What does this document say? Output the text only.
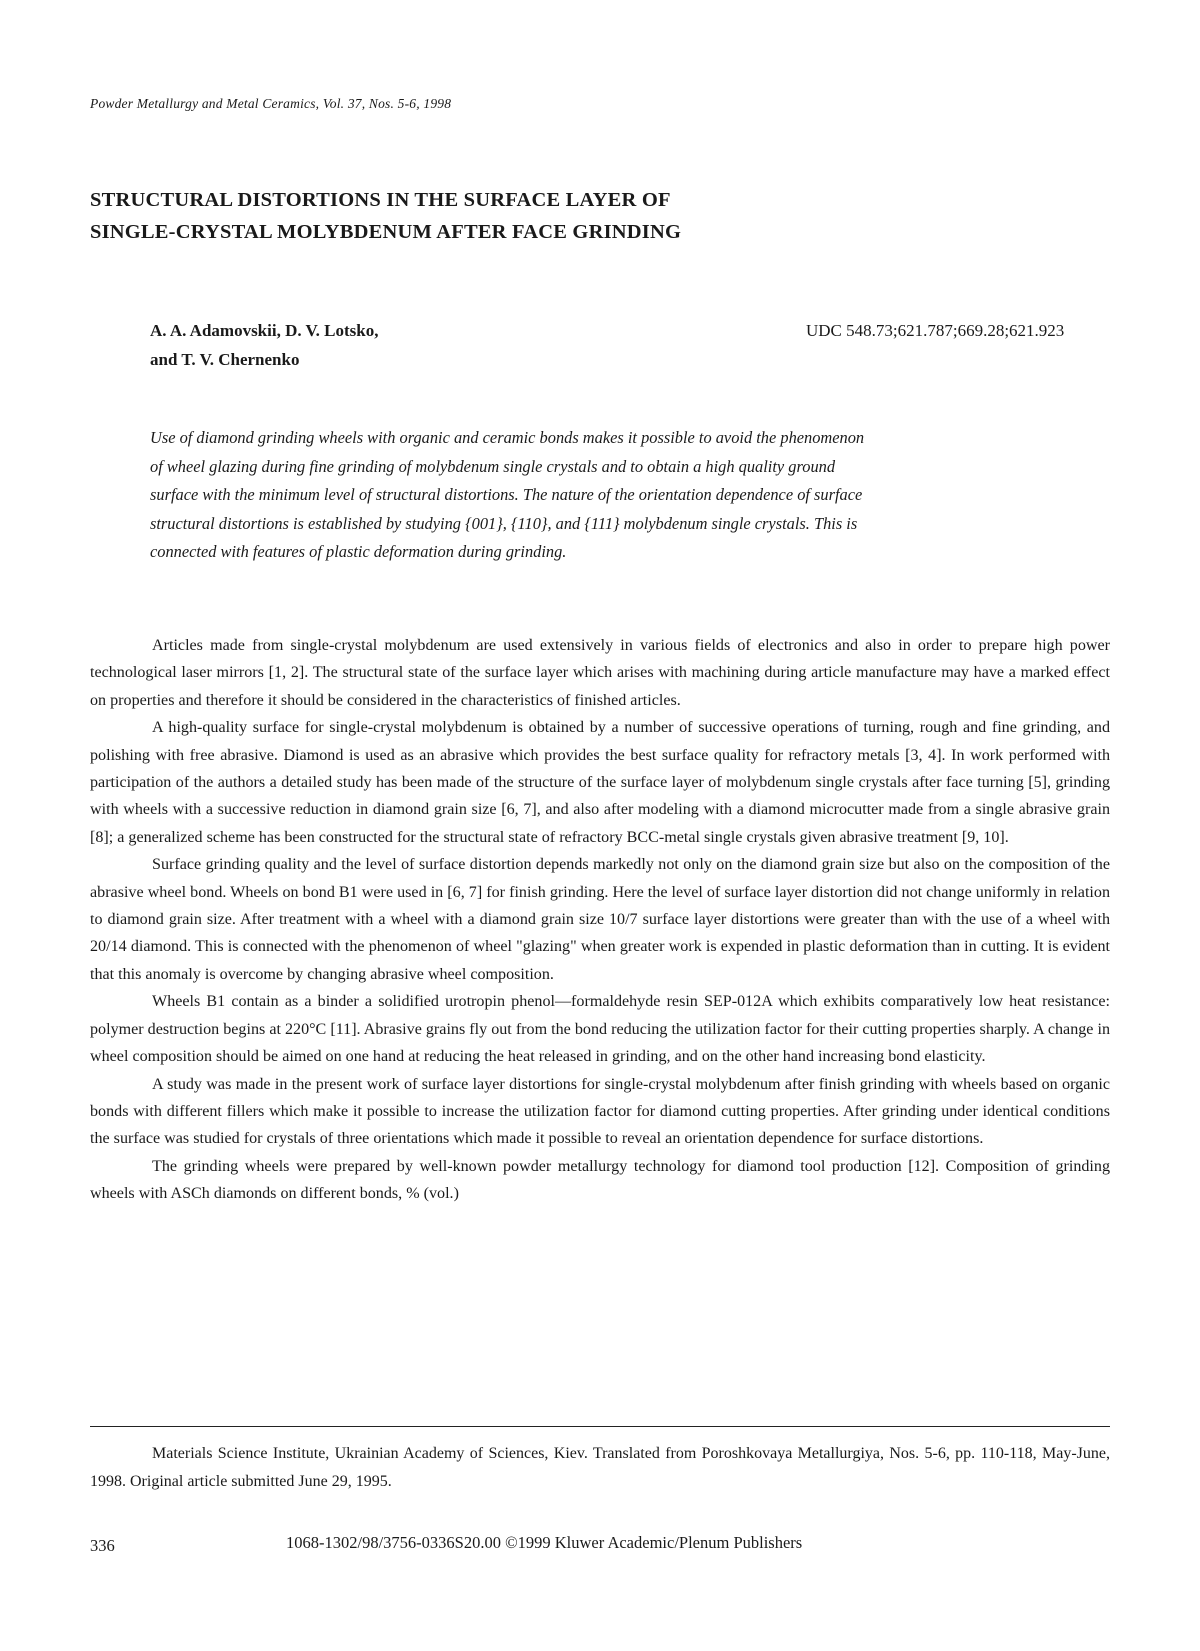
Powder Metallurgy and Metal Ceramics, Vol. 37, Nos. 5-6, 1998
STRUCTURAL DISTORTIONS IN THE SURFACE LAYER OF
SINGLE-CRYSTAL MOLYBDENUM AFTER FACE GRINDING
A. A. Adamovskii, D. V. Lotsko,
and T. V. Chernenko
UDC 548.73;621.787;669.28;621.923
Use of diamond grinding wheels with organic and ceramic bonds makes it possible to avoid the phenomenon
of wheel glazing during fine grinding of molybdenum single crystals and to obtain a high quality ground
surface with the minimum level of structural distortions. The nature of the orientation dependence of surface
structural distortions is established by studying {001}, {110}, and {111} molybdenum single crystals. This is
connected with features of plastic deformation during grinding.

Articles made from single-crystal molybdenum are used extensively in various fields of electronics and also in order to prepare high power technological laser mirrors [1, 2]. The structural state of the surface layer which arises with machining during article manufacture may have a marked effect on properties and therefore it should be considered in the characteristics of finished articles.

A high-quality surface for single-crystal molybdenum is obtained by a number of successive operations of turning, rough and fine grinding, and polishing with free abrasive. Diamond is used as an abrasive which provides the best surface quality for refractory metals [3, 4]. In work performed with participation of the authors a detailed study has been made of the structure of the surface layer of molybdenum single crystals after face turning [5], grinding with wheels with a successive reduction in diamond grain size [6, 7], and also after modeling with a diamond microcutter made from a single abrasive grain [8]; a generalized scheme has been constructed for the structural state of refractory BCC-metal single crystals given abrasive treatment [9, 10].

Surface grinding quality and the level of surface distortion depends markedly not only on the diamond grain size but also on the composition of the abrasive wheel bond. Wheels on bond B1 were used in [6, 7] for finish grinding. Here the level of surface layer distortion did not change uniformly in relation to diamond grain size. After treatment with a wheel with a diamond grain size 10/7 surface layer distortions were greater than with the use of a wheel with 20/14 diamond. This is connected with the phenomenon of wheel "glazing" when greater work is expended in plastic deformation than in cutting. It is evident that this anomaly is overcome by changing abrasive wheel composition.

Wheels B1 contain as a binder a solidified urotropin phenol—formaldehyde resin SEP-012A which exhibits comparatively low heat resistance: polymer destruction begins at 220°C [11]. Abrasive grains fly out from the bond reducing the utilization factor for their cutting properties sharply. A change in wheel composition should be aimed on one hand at reducing the heat released in grinding, and on the other hand increasing bond elasticity.

A study was made in the present work of surface layer distortions for single-crystal molybdenum after finish grinding with wheels based on organic bonds with different fillers which make it possible to increase the utilization factor for diamond cutting properties. After grinding under identical conditions the surface was studied for crystals of three orientations which made it possible to reveal an orientation dependence for surface distortions.

The grinding wheels were prepared by well-known powder metallurgy technology for diamond tool production [12]. Composition of grinding wheels with ASCh diamonds on different bonds, % (vol.)

Materials Science Institute, Ukrainian Academy of Sciences, Kiev. Translated from Poroshkovaya Metallurgiya, Nos. 5-6, pp. 110-118, May-June, 1998. Original article submitted June 29, 1995.

336	1068-1302/98/3756-0336S20.00 ©1999 Kluwer Academic/Plenum Publishers
